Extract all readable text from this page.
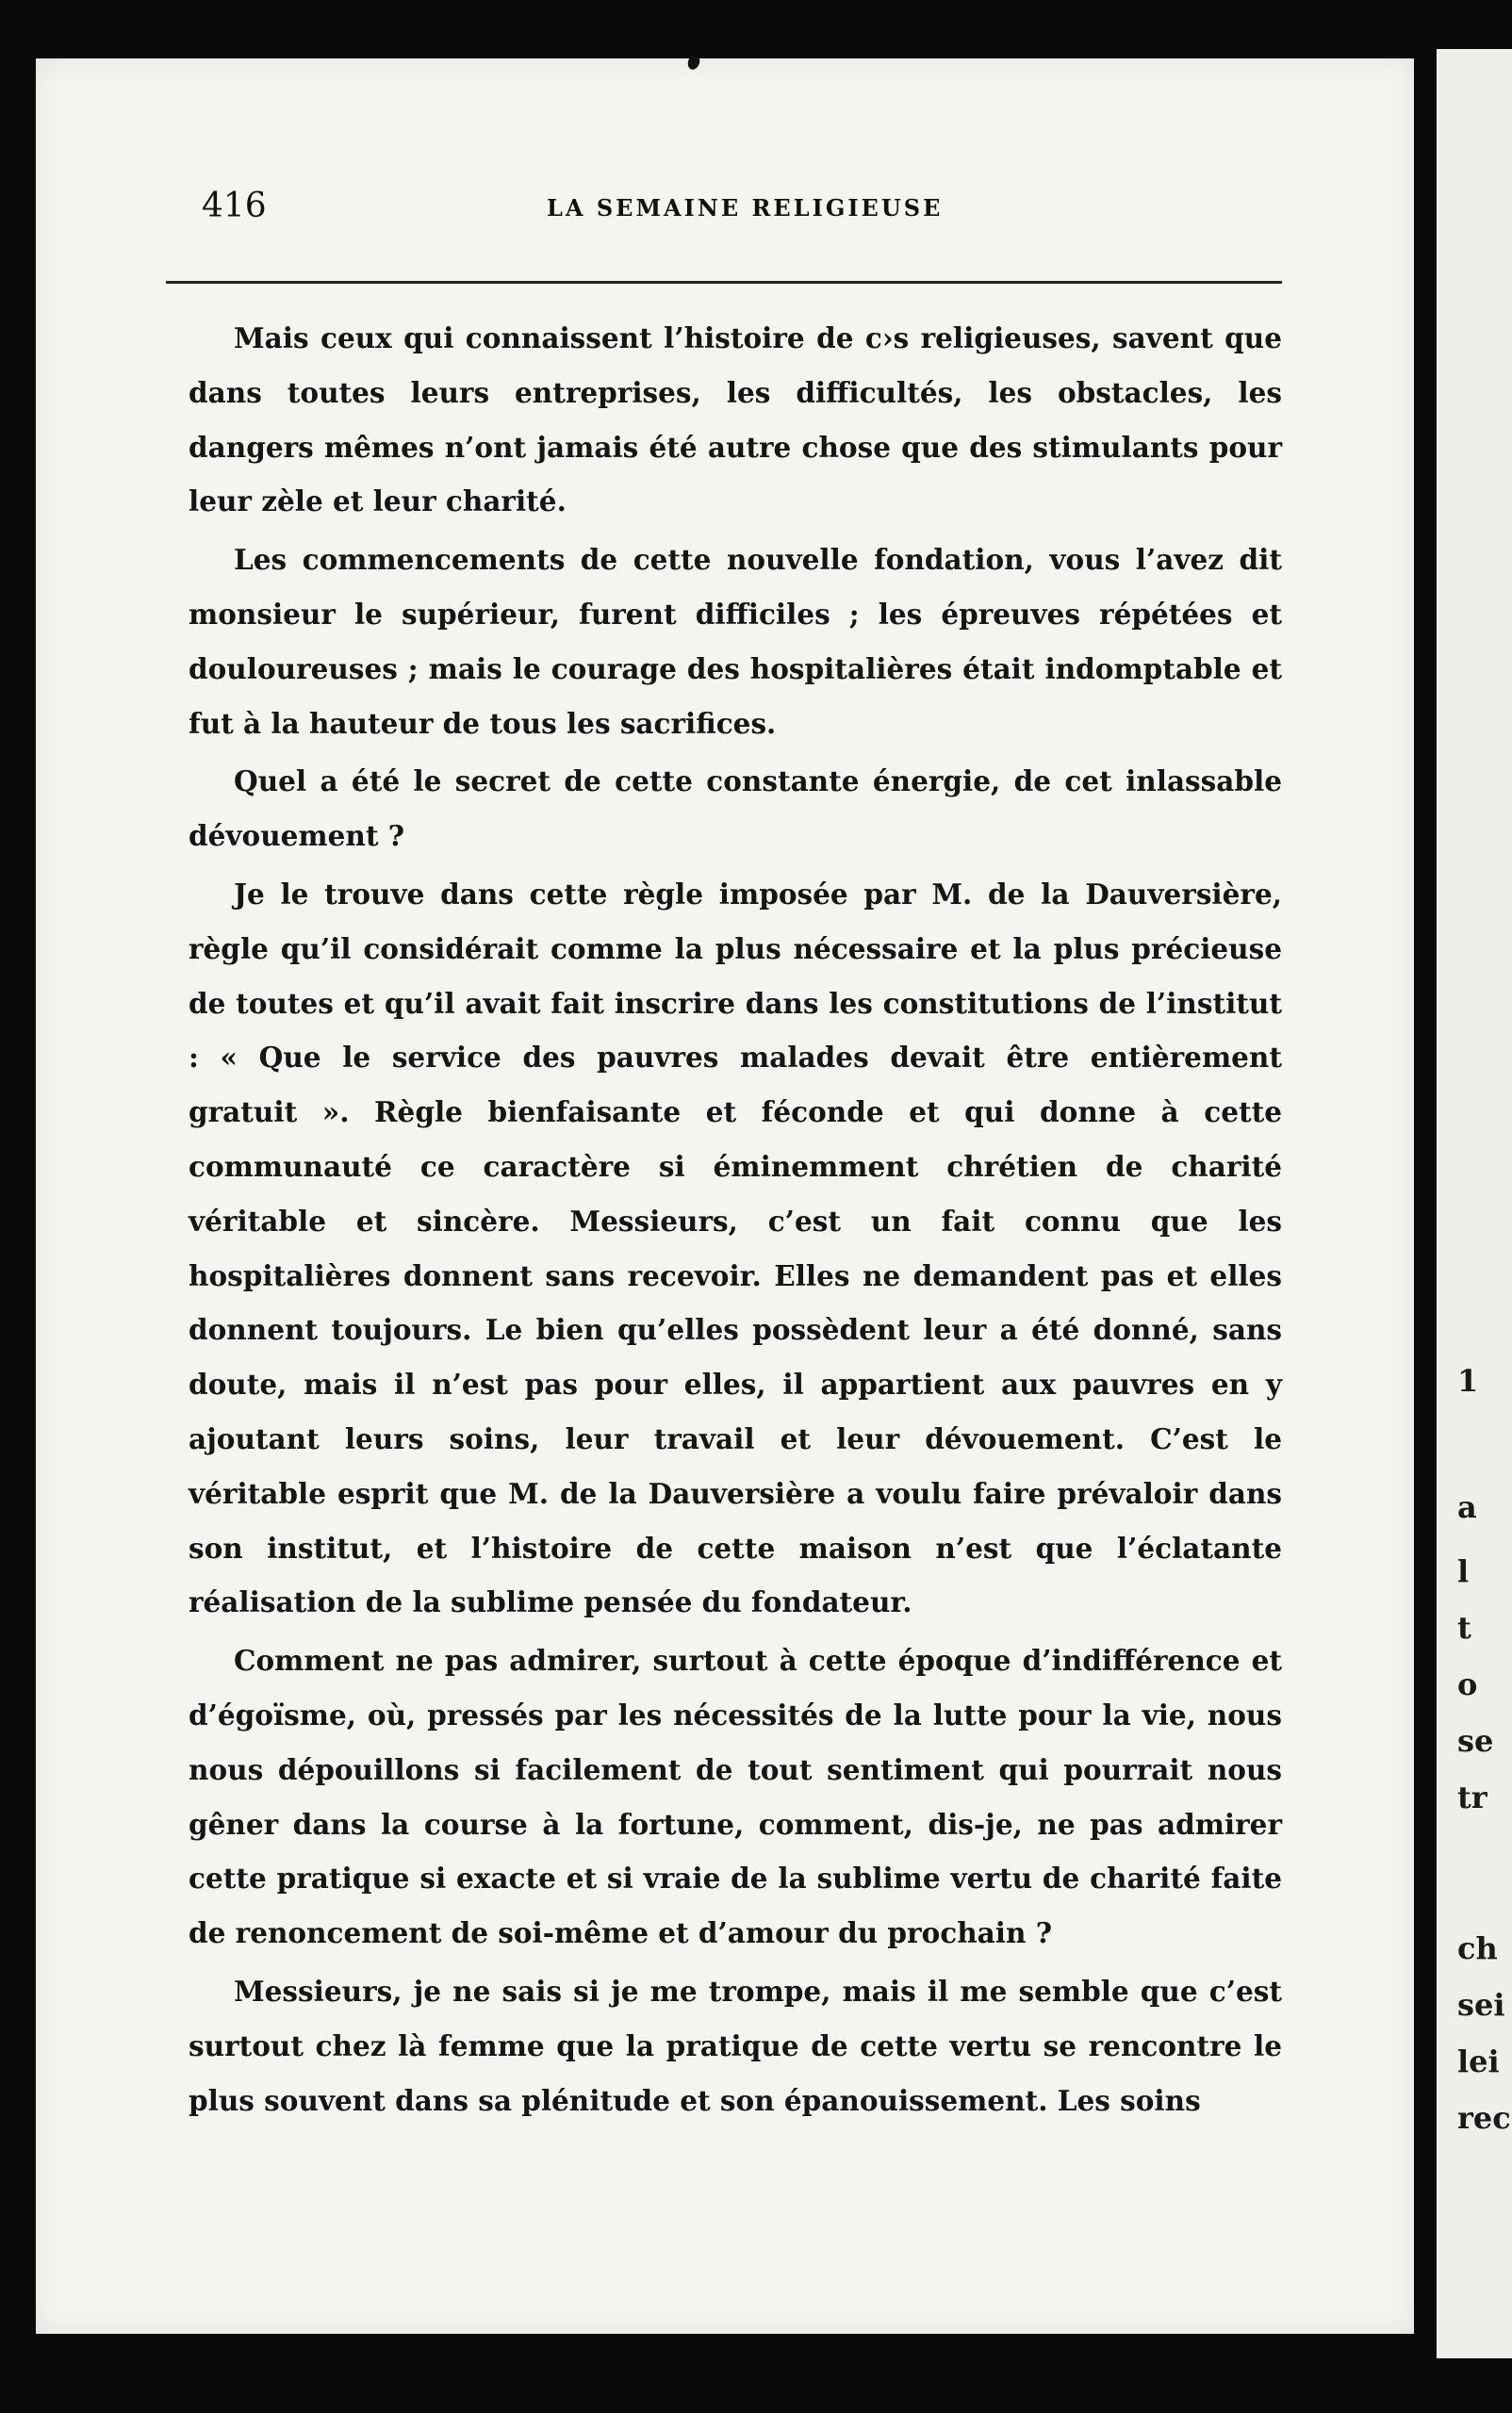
1
a
l
t
o
se
tr
ch
sei
lei
rec
416	LA SEMAINE RELIGIEUSE

Mais ceux qui connaissent l’histoire de c›s religieuses, savent que dans toutes leurs entreprises, les difficultés, les obstacles, les dangers mêmes n’ont jamais été autre chose que des stimulants pour leur zèle et leur charité.

Les commencements de cette nouvelle fondation, vous l’avez dit monsieur le supérieur, furent difficiles ; les épreuves répétées et douloureuses ; mais le courage des hospitalières était indomptable et fut à la hauteur de tous les sacrifices.

Quel a été le secret de cette constante énergie, de cet inlassable dévouement ?

Je le trouve dans cette règle imposée par M. de la Dauversière, règle qu’il considérait comme la plus nécessaire et la plus précieuse de toutes et qu’il avait fait inscrire dans les constitutions de l’institut : « Que le service des pauvres malades devait être entièrement gratuit ». Règle bienfaisante et féconde et qui donne à cette communauté ce caractère si éminemment chrétien de charité véritable et sincère. Messieurs, c’est un fait connu que les hospitalières donnent sans recevoir. Elles ne demandent pas et elles donnent toujours. Le bien qu’elles possèdent leur a été donné, sans doute, mais il n’est pas pour elles, il appartient aux pauvres en y ajoutant leurs soins, leur travail et leur dévouement. C’est le véritable esprit que M. de la Dauversière a voulu faire prévaloir dans son institut, et l’histoire de cette maison n’est que l’éclatante réalisation de la sublime pensée du fondateur.

Comment ne pas admirer, surtout à cette époque d’indifférence et d’égoïsme, où, pressés par les nécessités de la lutte pour la vie, nous nous dépouillons si facilement de tout sentiment qui pourrait nous gêner dans la course à la fortune, comment, dis-je, ne pas admirer cette pratique si exacte et si vraie de la sublime vertu de charité faite de renoncement de soi-même et d’amour du prochain ?

Messieurs, je ne sais si je me trompe, mais il me semble que c’est surtout chez là femme que la pratique de cette vertu se rencontre le plus souvent dans sa plénitude et son épanouissement. Les soins
